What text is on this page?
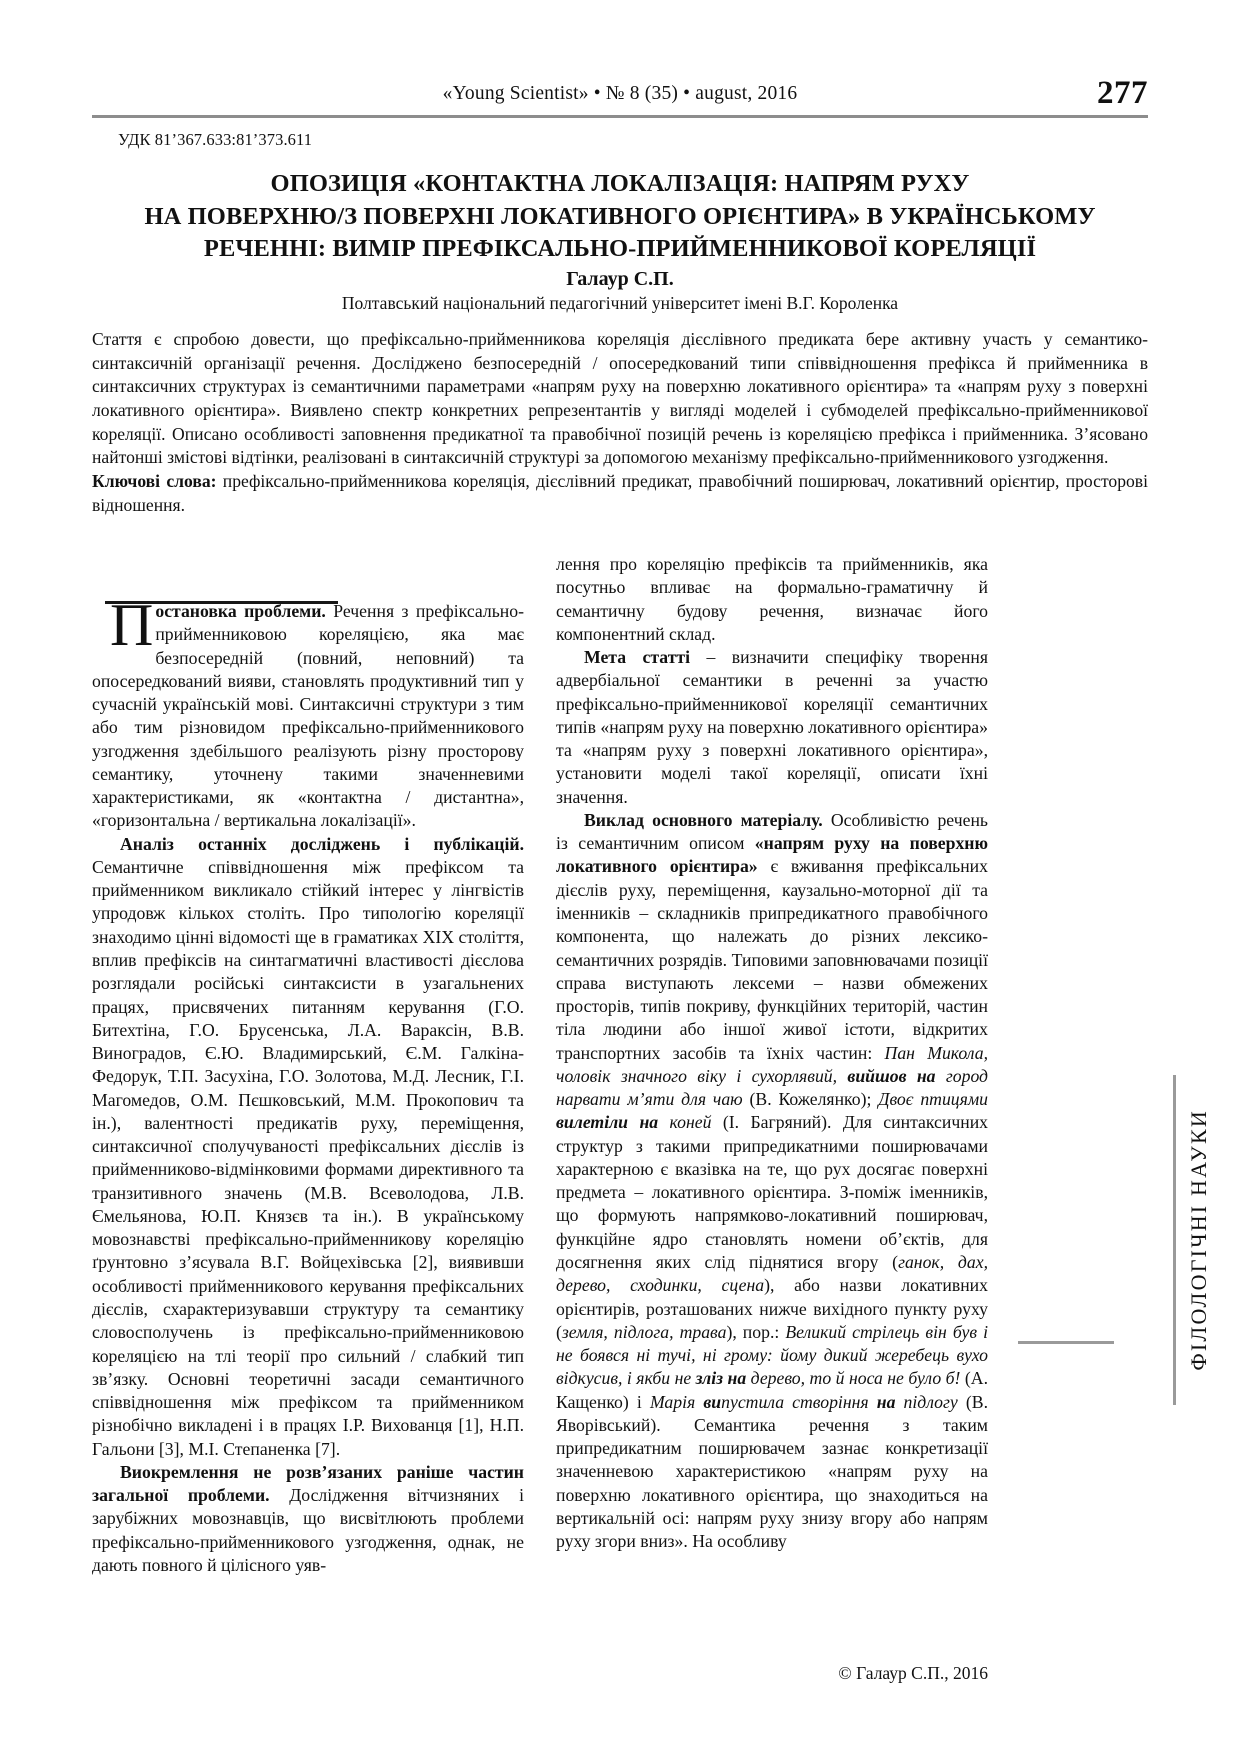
«Young Scientist» • № 8 (35) • august, 2016	277
УДК 81’367.633:81’373.611
ОПОЗИЦІЯ «КОНТАКТНА ЛОКАЛІЗАЦІЯ: НАПРЯМ РУХУ
НА ПОВЕРХНЮ/З ПОВЕРХНІ ЛОКАТИВНОГО ОРІЄНТИРА» В УКРАЇНСЬКОМУ
РЕЧЕННІ: ВИМІР ПРЕФІКСАЛЬНО-ПРИЙМЕННИКОВОЇ КОРЕЛЯЦІЇ
Галаур С.П.
Полтавський національний педагогічний університет імені В.Г. Короленка

Стаття є спробою довести, що префіксально-прийменникова кореляція дієслівного предиката бере активну участь у семантико-синтаксичній організації речення. Досліджено безпосередній / опосередкований типи співвідношення префікса й прийменника в синтаксичних структурах із семантичними параметрами «напрям руху на поверхню локативного орієнтира» та «напрям руху з поверхні локативного орієнтира». Виявлено спектр конкретних репрезентантів у вигляді моделей і субмоделей префіксально-прийменникової кореляції. Описано особливості заповнення предикатної та правобічної позицій речень із кореляцією префікса і прийменника. З’ясовано найтонші змістові відтінки, реалізовані в синтаксичній структурі за допомогою механізму префіксально-прийменникового узгодження.

Ключові слова: префіксально-прийменникова кореляція, дієслівний предикат, правобічний поширювач, локативний орієнтир, просторові відношення.

Постановка проблеми. Речення з префіксально-прийменниковою кореляцією, яка має безпосередній (повний, неповний) та опосередкований вияви, становлять продуктивний тип у сучасній українській мові. Синтаксичні структури з тим або тим різновидом префіксально-прийменникового узгодження здебільшого реалізують різну просторову семантику, уточнену такими значенневими характеристиками, як «контактна / дистантна», «горизонтальна / вертикальна локалізації».

Аналіз останніх досліджень і публікацій. Семантичне співвідношення між префіксом та прийменником викликало стійкий інтерес у лінгвістів упродовж кількох століть. Про типологію кореляції знаходимо цінні відомості ще в граматиках XIX століття, вплив префіксів на синтагматичні властивості дієслова розглядали російські синтаксисти в узагальнених працях, присвячених питанням керування (Г.О. Битехтіна, Г.О. Брусенська, Л.А. Вараксін, В.В. Виноградов, Є.Ю. Владимирський, Є.М. Галкіна-Федорук, Т.П. Засухіна, Г.О. Золотова, М.Д. Лесник, Г.І. Магомедов, О.М. Пєшковський, М.М. Прокопович та ін.), валентності предикатів руху, переміщення, синтаксичної сполучуваності префіксальних дієслів із прийменниково-відмінковими формами директивного та транзитивного значень (М.В. Всеволодова, Л.В. Ємельянова, Ю.П. Князєв та ін.). В українському мовознавстві префіксально-прийменникову кореляцію ґрунтовно з’ясувала В.Г. Войцехівська [2], виявивши особливості прийменникового керування префіксальних дієслів, схарактеризувавши структуру та семантику словосполучень із префіксально-прийменниковою кореляцією на тлі теорії про сильний / слабкий тип зв’язку. Основні теоретичні засади семантичного співвідношення між префіксом та прийменником різнобічно викладені і в працях І.Р. Вихованця [1], Н.П. Гальони [3], М.І. Степаненка [7].

Виокремлення не розв’язаних раніше частин загальної проблеми. Дослідження вітчизняних і зарубіжних мовознавців, що висвітлюють проблеми префіксально-прийменникового узгодження, однак, не дають повного й цілісного уяв-

лення про кореляцію префіксів та прийменників, яка посутньо впливає на формально-граматичну й семантичну будову речення, визначає його компонентний склад.

Мета статті – визначити специфіку творення адвербіальної семантики в реченні за участю префіксально-прийменникової кореляції семантичних типів «напрям руху на поверхню локативного орієнтира» та «напрям руху з поверхні локативного орієнтира», установити моделі такої кореляції, описати їхні значення.

Виклад основного матеріалу. Особливістю речень із семантичним описом «напрям руху на поверхню локативного орієнтира» є вживання префіксальних дієслів руху, переміщення, каузально-моторної дії та іменників – складників припредикатного правобічного компонента, що належать до різних лексико-семантичних розрядів. Типовими заповнювачами позиції справа виступають лексеми – назви обмежених просторів, типів покриву, функційних територій, частин тіла людини або іншої живої істоти, відкритих транспортних засобів та їхніх частин: Пан Микола, чоловік значного віку і сухорлявий, вийшов на город нарвати м’яти для чаю (В. Кожелянко); Двоє птицями вилетіли на коней (І. Багряний). Для синтаксичних структур з такими припредикатними поширювачами характерною є вказівка на те, що рух досягає поверхні предмета – локативного орієнтира. З-поміж іменників, що формують напрямково-локативний поширювач, функційне ядро становлять номени об’єктів, для досягнення яких слід піднятися вгору (ганок, дах, дерево, сходинки, сцена), або назви локативних орієнтирів, розташованих нижче вихідного пункту руху (земля, підлога, трава), пор.: Великий стрілець він був і не боявся ні тучі, ні грому: йому дикий жеребець вухо відкусив, і якби не зліз на дерево, то й носа не було б! (А. Кащенко) і Марія випустила створіння на підлогу (В. Яворівський). Семантика речення з таким припредикатним поширювачем зазнає конкретизації значенневою характеристикою «напрям руху на поверхню локативного орієнтира, що знаходиться на вертикальній осі: напрям руху знизу вгору або напрям руху згори вниз». На особливу

ФІЛОЛОГІЧНІ НАУКИ
© Галаур С.П., 2016
